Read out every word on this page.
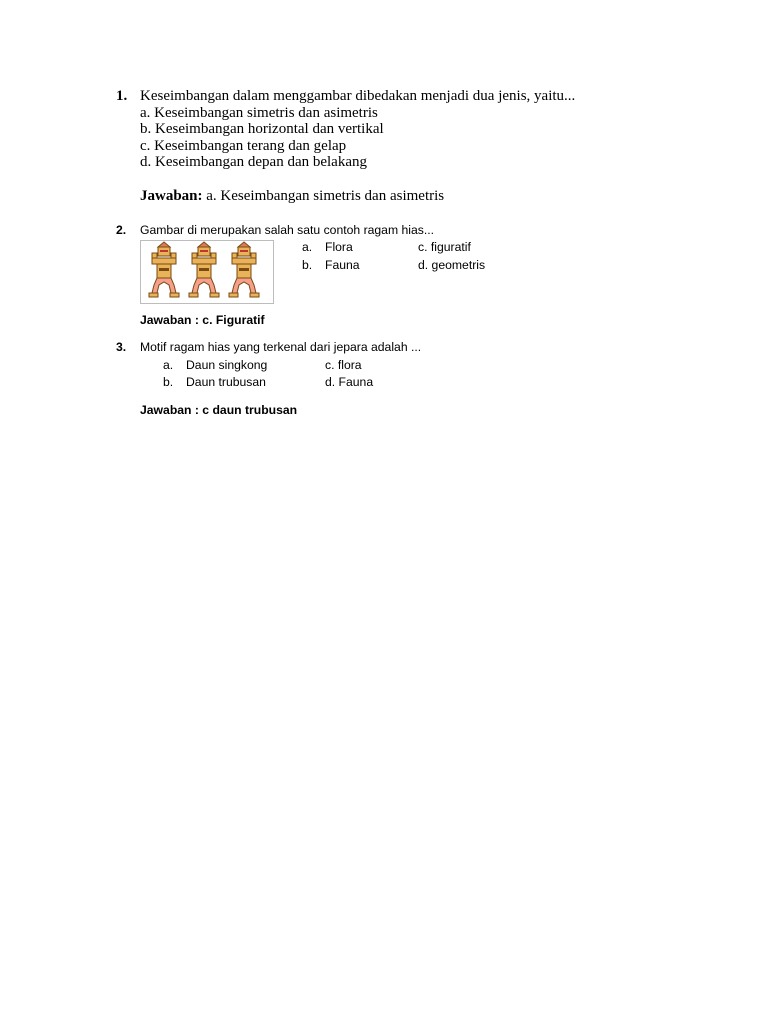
1. Keseimbangan dalam menggambar dibedakan menjadi dua jenis, yaitu...
a. Keseimbangan simetris dan asimetris
b. Keseimbangan horizontal dan vertikal
c. Keseimbangan terang dan gelap
d. Keseimbangan depan dan belakang
Jawaban: a. Keseimbangan simetris dan asimetris
2. Gambar di merupakan salah satu contoh ragam hias...
a. Flora
b. Fauna
c. figuratif
d. geometris
Jawaban : c. Figuratif
3. Motif ragam hias yang terkenal dari jepara adalah ...
a. Daun singkong
b. Daun trubusan
c. flora
d. Fauna
Jawaban : c daun trubusan
